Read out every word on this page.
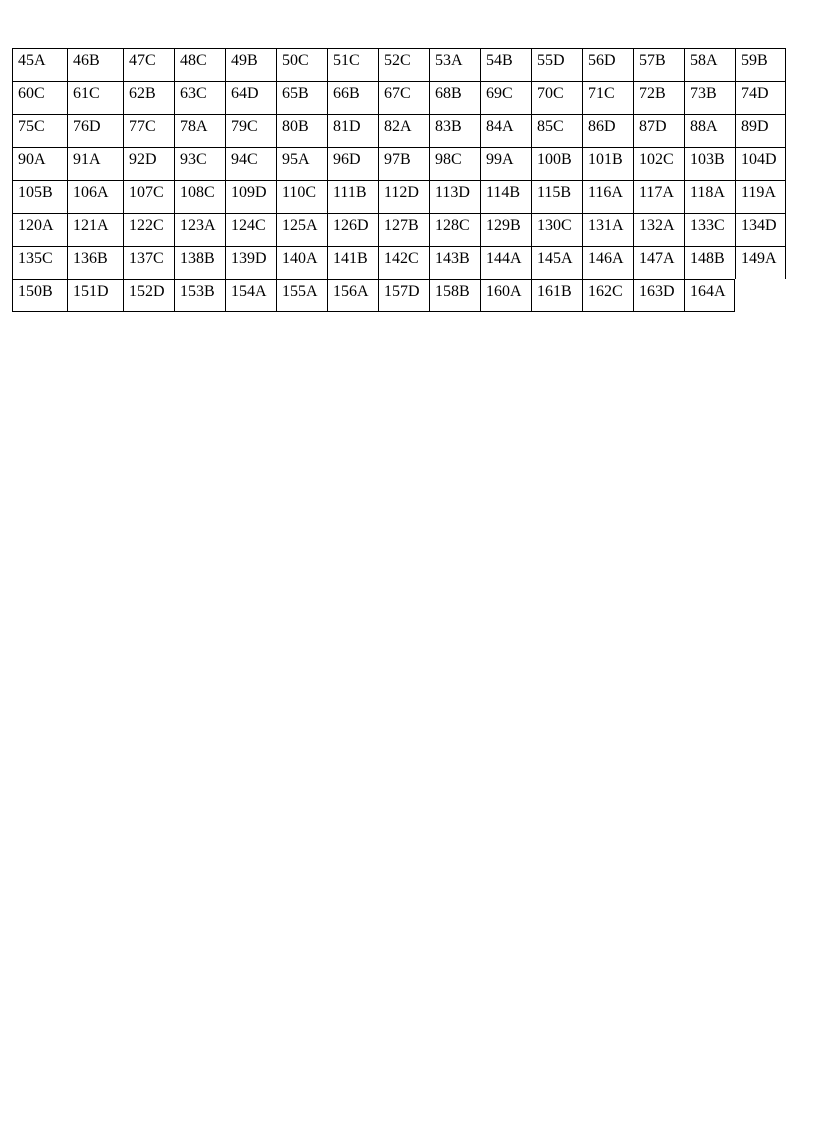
45A	46B	47C	48C	49B	50C	51C	52C	53A	54B	55D	56D	57B	58A	59B
60C	61C	62B	63C	64D	65B	66B	67C	68B	69C	70C	71C	72B	73B	74D
75C	76D	77C	78A	79C	80B	81D	82A	83B	84A	85C	86D	87D	88A	89D
90A	91A	92D	93C	94C	95A	96D	97B	98C	99A	100B	101B	102C	103B	104D
105B	106A	107C	108C	109D 110C	111B	112D	113D	114B	115B	116A	117A	118A	119A
120A	121A	122C	123A 124C	125A 126D 127B	128C	129B	130C	131A 132A 133C	134D
135C	136B	137C	138B	139D 140A 141B	142C	143B	144A 145A 146A 147A 148B	149A
150B	151D	152D 153B	154A 155A 156A 157D 158B	160A 161B	162C	163D 164A
